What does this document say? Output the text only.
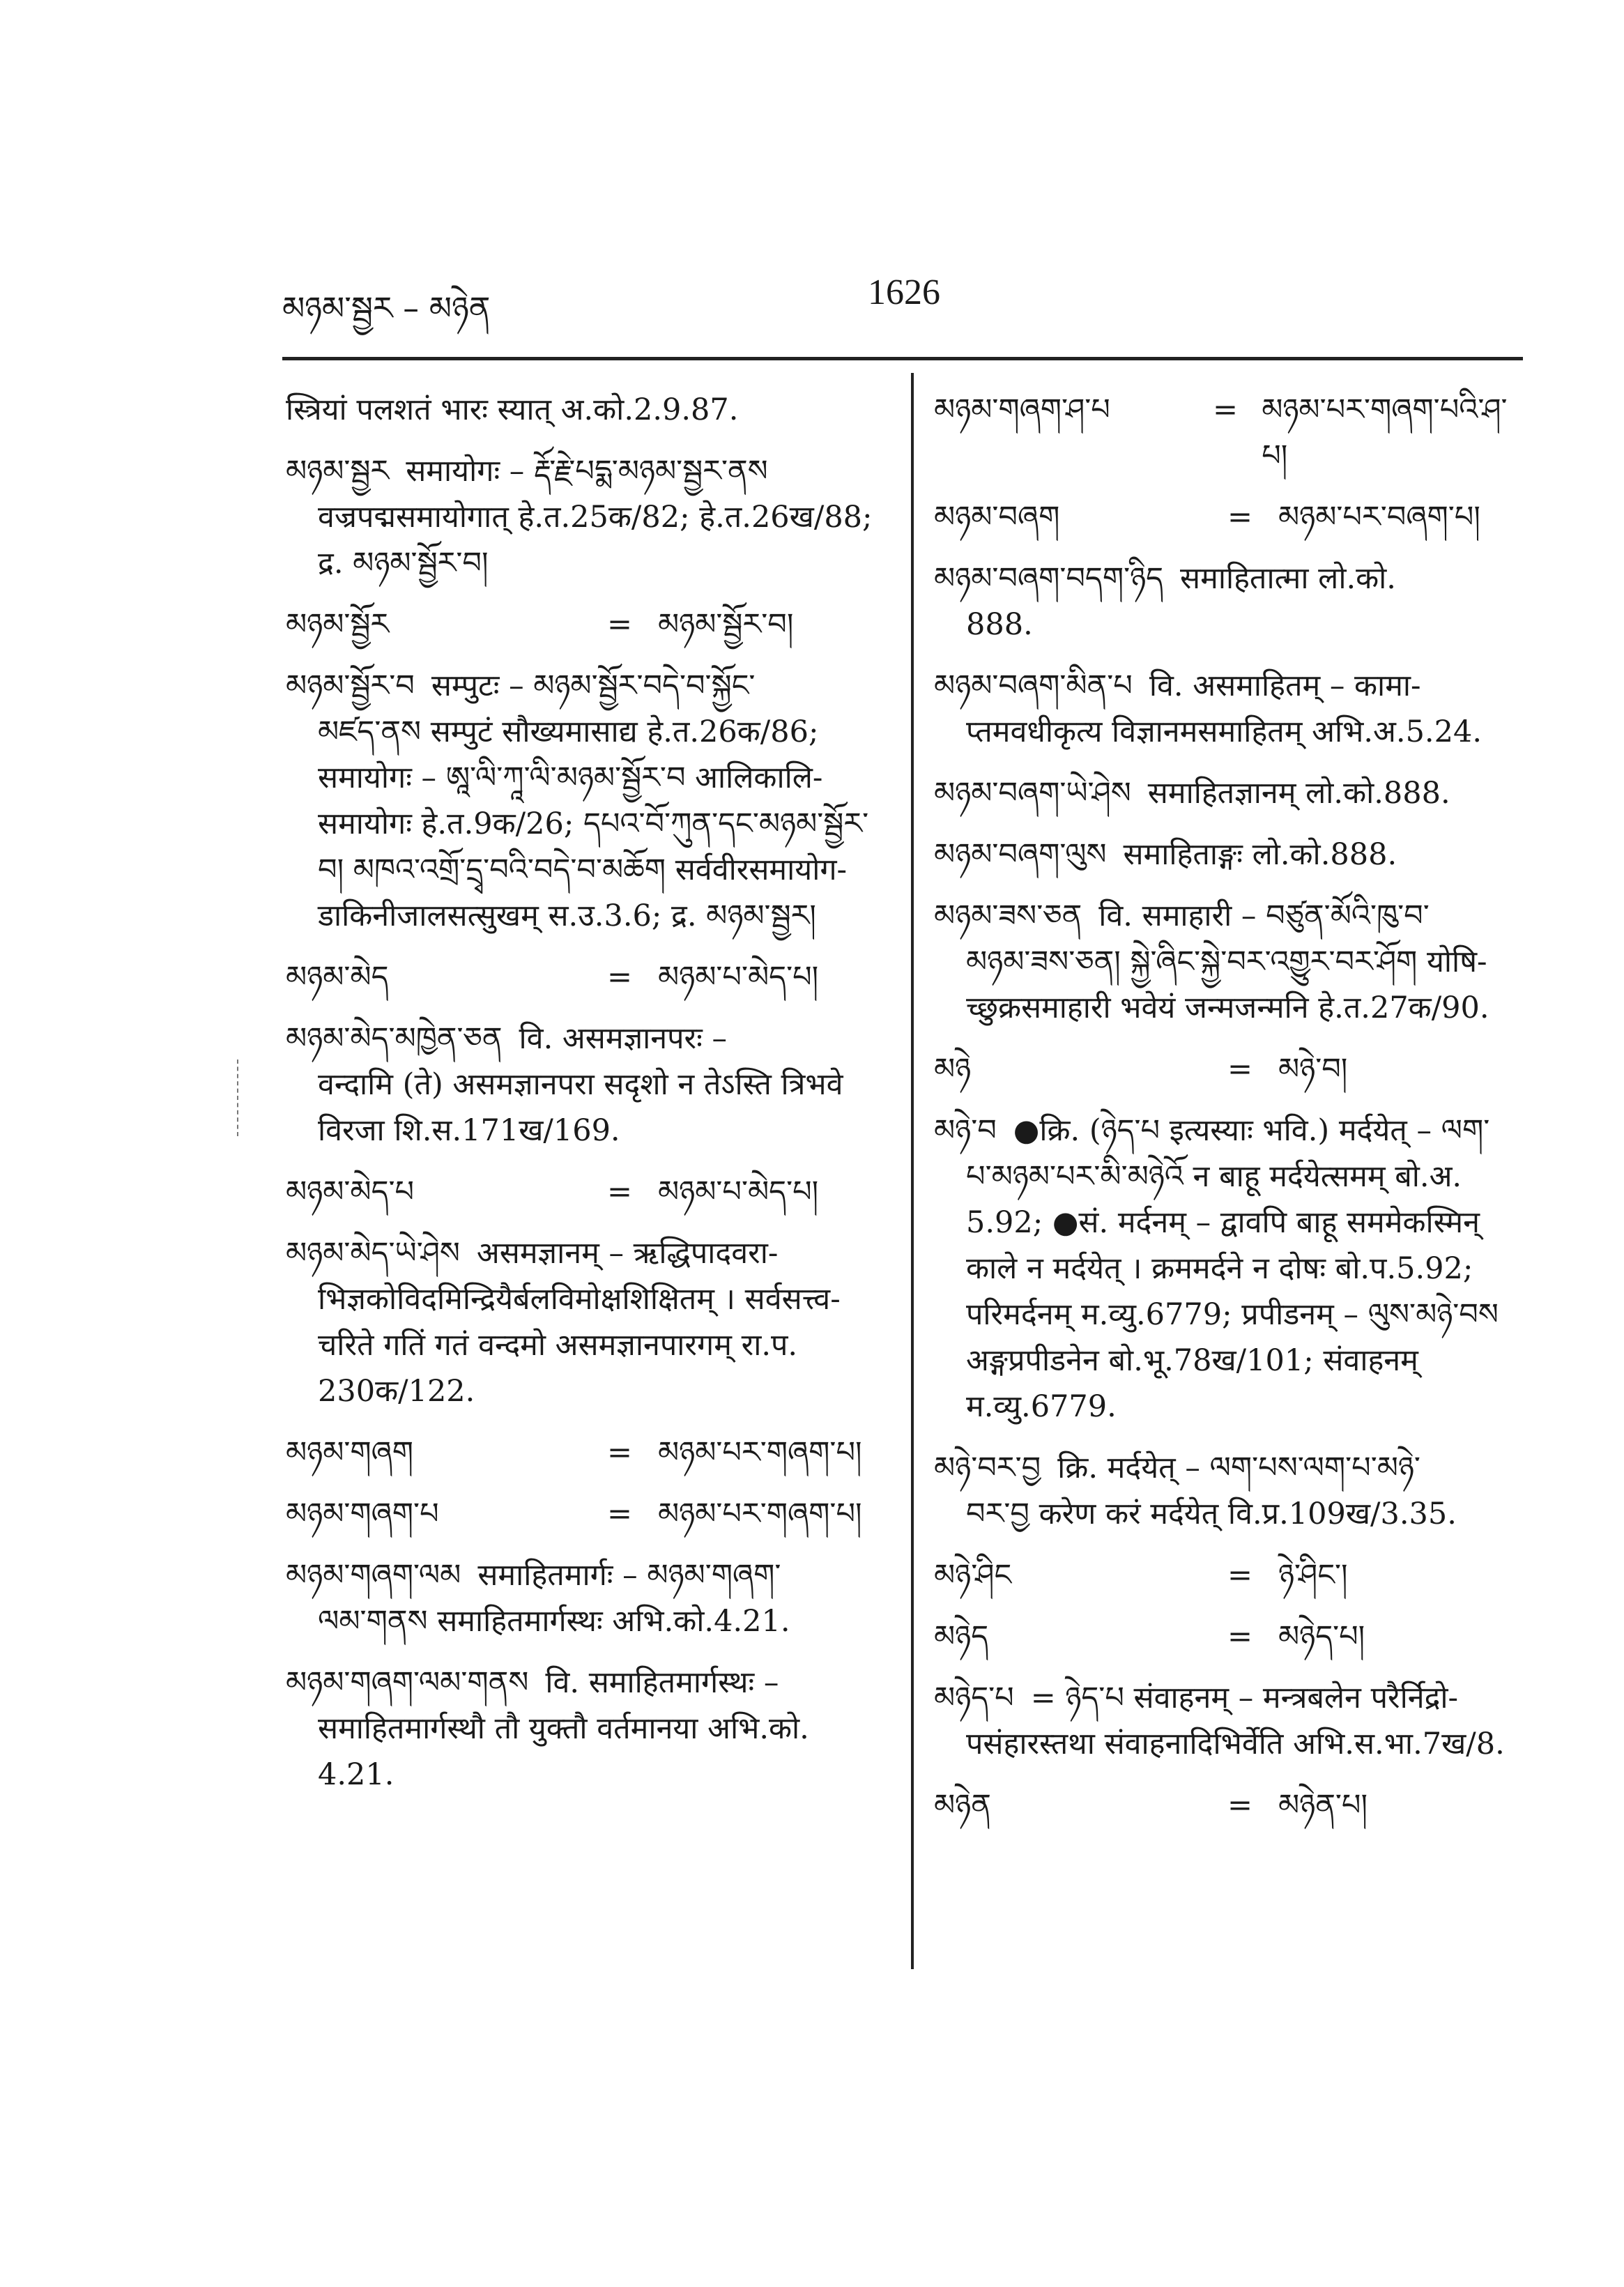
མཉམ་སྦྱར – མཉེན	1626
स्त्रियां पलशतं भारः स्यात् अ.को.2.9.87.
མཉམ་སྦྱར समायोगः – རྡོ་རྗེ་པདྨ་མཉམ་སྦྱར་ནས
वज्रपद्मसमायोगात् हे.त.25क/82; हे.त.26ख/88; द्र. མཉམ་སྦྱོར་བ།
མཉམ་སྦྱོར	= མཉམ་སྦྱོར་བ།
མཉམ་སྦྱོར་བ सम्पुटः – མཉམ་སྦྱོར་བདེ་བ་སྐྱོང་
མཛད་ནས सम्पुटं सौख्यमासाद्य हे.त.26क/86; समायोगः – ཨཱ་ལི་ཀཱ་ལི་མཉམ་སྦྱོར་བ आलिकालि-समायोगः हे.त.9क/26; དཔའ་བོ་ཀུན་དང་མཉམ་སྦྱོར་བ། མཁའ་འགྲོ་དྲྭ་བའི་བདེ་བ་མཆོག सर्ववीरसमायोग-डाकिनीजालसत्सुखम् स.उ.3.6; द्र. མཉམ་སྦྱར།
མཉམ་མེད	= མཉམ་པ་མེད་པ།
མཉམ་མེད་མཁྱེན་ཅན वि. असमज्ञानपरः –
वन्दामि (ते) असमज्ञानपरा सदृशो न तेऽस्ति त्रिभवे विरजा शि.स.171ख/169.
མཉམ་མེད་པ	= མཉམ་པ་མེད་པ།
མཉམ་མེད་ཡེ་ཤེས असमज्ञानम् – ऋद्धिपादवरा-
भिज्ञकोविदमिन्द्रियैर्बलविमोक्षशिक्षितम् । सर्वसत्त्व-चरिते गतिं गतं वन्दमो असमज्ञानपारगम् रा.प. 230क/122.
མཉམ་གཞག	= མཉམ་པར་གཞག་པ།
མཉམ་གཞག་པ	= མཉམ་པར་གཞག་པ།
མཉམ་གཞག་ལམ समाहितमार्गः – མཉམ་གཞག་
ལམ་གནས समाहितमार्गस्थः अभि.को.4.21.
མཉམ་གཞག་ལམ་གནས वि. समाहितमार्गस्थः –
समाहितमार्गस्थौ तौ युक्तौ वर्तमानया अभि.को. 4.21.
མཉམ་གཞག་ཤ་པ	= མཉམ་པར་གཞག་པའི་ཤ་པ།
མཉམ་བཞག	= མཉམ་པར་བཞག་པ།
མཉམ་བཞག་བདག་ཉིད समाहितात्मा लो.को.
888.
མཉམ་བཞག་མིན་པ वि. असमाहितम् – कामा-
प्तमवधीकृत्य विज्ञानमसमाहितम् अभि.अ.5.24.
མཉམ་བཞག་ཡེ་ཤེས समाहितज्ञानम् लो.को.888.
མཉམ་བཞག་ལུས समाहिताङ्गः लो.को.888.
མཉམ་ཟས་ཅན वि. समाहारी – བཙུན་མོའི་ཁུ་བ་
མཉམ་ཟས་ཅན། སྐྱེ་ཞིང་སྐྱེ་བར་འགྱུར་བར་ཤོག योषि-च्छुक्रसमाहारी भवेयं जन्मजन्मनि हे.त.27क/90.
མཉེ	= མཉེ་བ།
མཉེ་བ ●क्रि. (ཉེད་པ इत्यस्याः भवि.) मर्दयेत् – ལག་
པ་མཉམ་པར་མི་མཉེའོ न बाहू मर्दयेत्समम् बो.अ. 5.92; ●सं. मर्दनम् – द्वावपि बाहू सममेकस्मिन् काले न मर्दयेत् । क्रममर्दने न दोषः बो.प.5.92; परिमर्दनम् म.व्यु.6779; प्रपीडनम् – ལུས་མཉེ་བས अङ्गप्रपीडनेन बो.भू.78ख/101; संवाहनम् म.व्यु.6779.
མཉེ་བར་བྱ क्रि. मर्दयेत् – ལག་པས་ལག་པ་མཉེ་
བར་བྱ करेण करं मर्दयेत् वि.प्र.109ख/3.35.
མཉེ་ཤིང	= ཉེ་ཤིང་།
མཉེད	= མཉེད་པ།
མཉེད་པ = ཉེད་པ संवाहनम् – मन्त्रबलेन परैर्निद्रो-
पसंहारस्तथा संवाहनादिभिर्वेति अभि.स.भा.7ख/8.
མཉེན	= མཉེན་པ།
